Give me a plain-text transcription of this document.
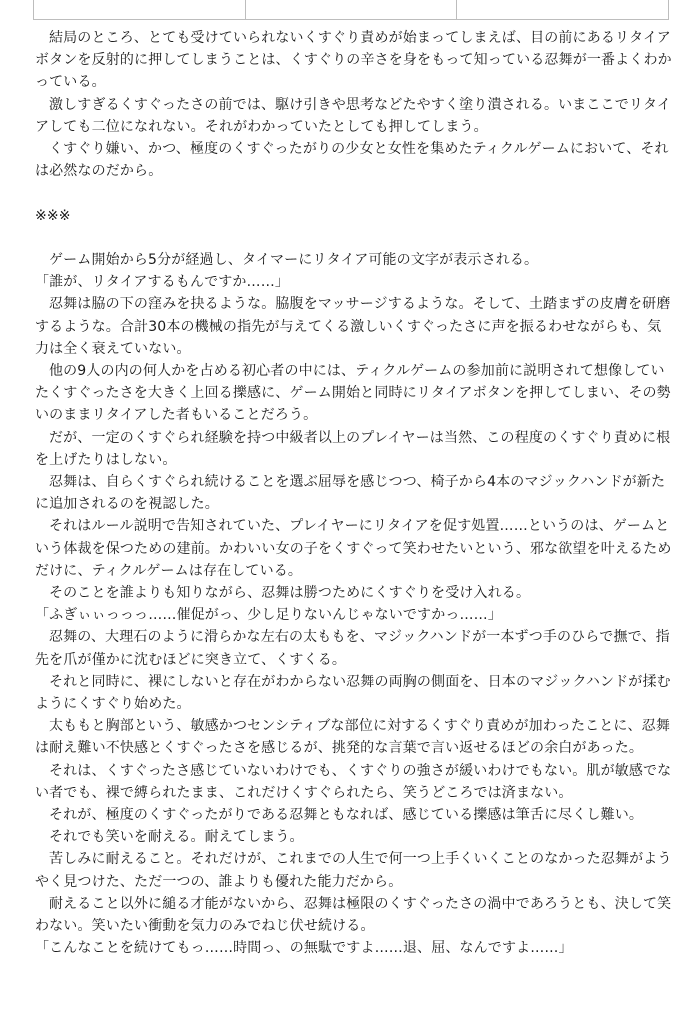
結局のところ、とても受けていられないくすぐり責めが始まってしまえば、目の前にあるリタイアボタンを反射的に押してしまうことは、くすぐりの辛さを身をもって知っている忍舞が一番よくわかっている。

激しすぎるくすぐったさの前では、駆け引きや思考などたやすく塗り潰される。いまここでリタイアしても二位になれない。それがわかっていたとしても押してしまう。

くすぐり嫌い、かつ、極度のくすぐったがりの少女と女性を集めたティクルゲームにおいて、それは必然なのだから。

※※※

ゲーム開始から5分が経過し、タイマーにリタイア可能の文字が表示される。

「誰が、リタイアするもんですか……」

忍舞は脇の下の窪みを抉るような。脇腹をマッサージするような。そして、土踏まずの皮膚を研磨するような。合計30本の機械の指先が与えてくる激しいくすぐったさに声を振るわせながらも、気力は全く衰えていない。

他の9人の内の何人かを占める初心者の中には、ティクルゲームの参加前に説明されて想像していたくすぐったさを大きく上回る擽感に、ゲーム開始と同時にリタイアボタンを押してしまい、その勢いのままリタイアした者もいることだろう。

だが、一定のくすぐられ経験を持つ中級者以上のプレイヤーは当然、この程度のくすぐり責めに根を上げたりはしない。

忍舞は、自らくすぐられ続けることを選ぶ屈辱を感じつつ、椅子から4本のマジックハンドが新たに追加されるのを視認した。

それはルール説明で告知されていた、プレイヤーにリタイアを促す処置……というのは、ゲームという体裁を保つための建前。かわいい女の子をくすぐって笑わせたいという、邪な欲望を叶えるためだけに、ティクルゲームは存在している。

そのことを誰よりも知りながら、忍舞は勝つためにくすぐりを受け入れる。

「ふぎぃぃっっっ……催促がっ、少し足りないんじゃないですかっ……」

忍舞の、大理石のように滑らかな左右の太ももを、マジックハンドが一本ずつ手のひらで撫で、指先を爪が僅かに沈むほどに突き立て、くすくる。

それと同時に、裸にしないと存在がわからない忍舞の両胸の側面を、日本のマジックハンドが揉むようにくすぐり始めた。

太ももと胸部という、敏感かつセンシティブな部位に対するくすぐり責めが加わったことに、忍舞は耐え難い不快感とくすぐったさを感じるが、挑発的な言葉で言い返せるほどの余白があった。

それは、くすぐったさ感じていないわけでも、くすぐりの強さが緩いわけでもない。肌が敏感でない者でも、裸で縛られたまま、これだけくすぐられたら、笑うどころでは済まない。

それが、極度のくすぐったがりである忍舞ともなれば、感じている擽感は筆舌に尽くし難い。

それでも笑いを耐える。耐えてしまう。

苦しみに耐えること。それだけが、これまでの人生で何一つ上手くいくことのなかった忍舞がようやく見つけた、ただ一つの、誰よりも優れた能力だから。

耐えること以外に縋る才能がないから、忍舞は極限のくすぐったさの渦中であろうとも、決して笑わない。笑いたい衝動を気力のみでねじ伏せ続ける。

「こんなことを続けてもっ……時間っ、の無駄ですよ……退、屈、なんですよ……」
